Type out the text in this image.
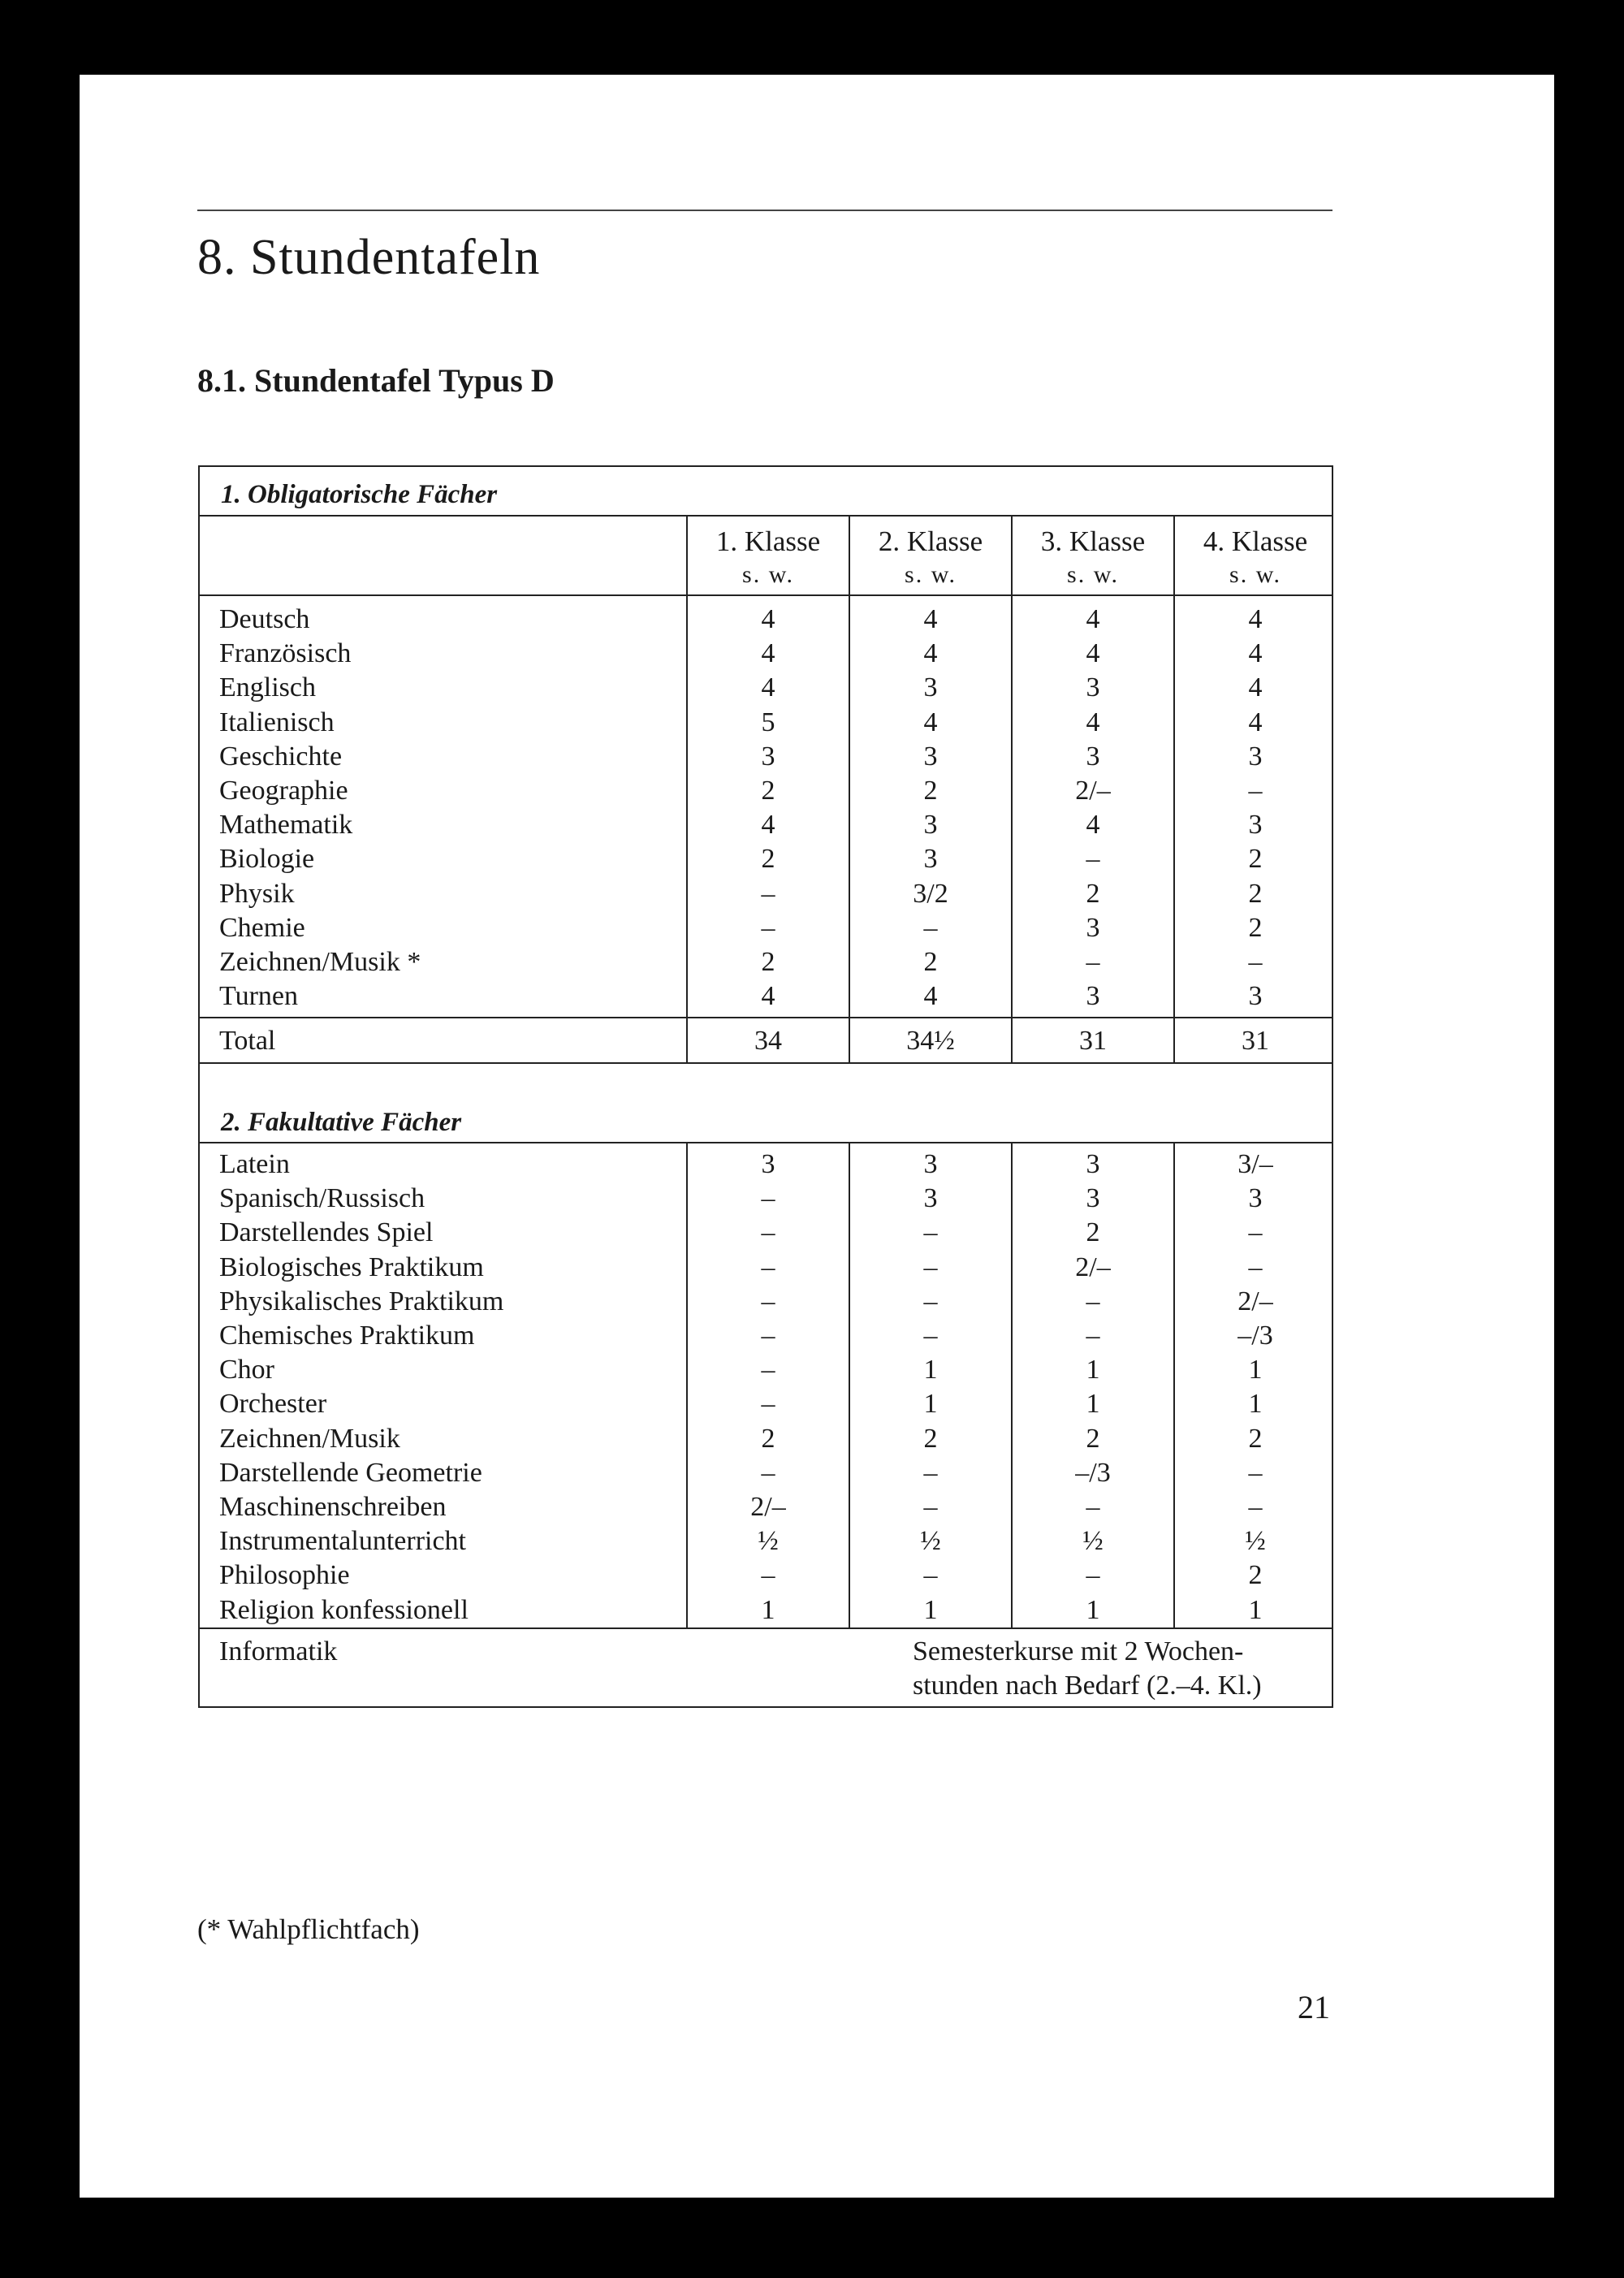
8. Stundentafeln
8.1. Stundentafel Typus D
1. Obligatorische Fächer
1. Klasse	2. Klasse	3. Klasse	4. Klasse
s. w.	s. w.	s. w.	s. w.
Deutsch	4	4	4	4
Französisch	4	4	4	4
Englisch	4	3	3	4
Italienisch	5	4	4	4
Geschichte	3	3	3	3
Geographie	2	2	2/–	–
Mathematik	4	3	4	3
Biologie	2	3	–	2
Physik	–	3/2	2	2
Chemie	–	–	3	2
Zeichnen/Musik *	2	2	–	–
Turnen	4	4	3	3
Total	34	34½	31	31
2. Fakultative Fächer
Latein	3	3	3	3/–
Spanisch/Russisch	–	3	3	3
Darstellendes Spiel	–	–	2	–
Biologisches Praktikum	–	–	2/–	–
Physikalisches Praktikum	–	–	–	2/–
Chemisches Praktikum	–	–	–	–/3
Chor	–	1	1	1
Orchester	–	1	1	1
Zeichnen/Musik	2	2	2	2
Darstellende Geometrie	–	–	–/3	–
Maschinenschreiben	2/–	–	–	–
Instrumentalunterricht	½	½	½	½
Philosophie	–	–	–	2
Religion konfessionell	1	1	1	1
Informatik	Semesterkurse mit 2 Wochen-
stunden nach Bedarf (2.–4. Kl.)
(* Wahlpflichtfach)
21
